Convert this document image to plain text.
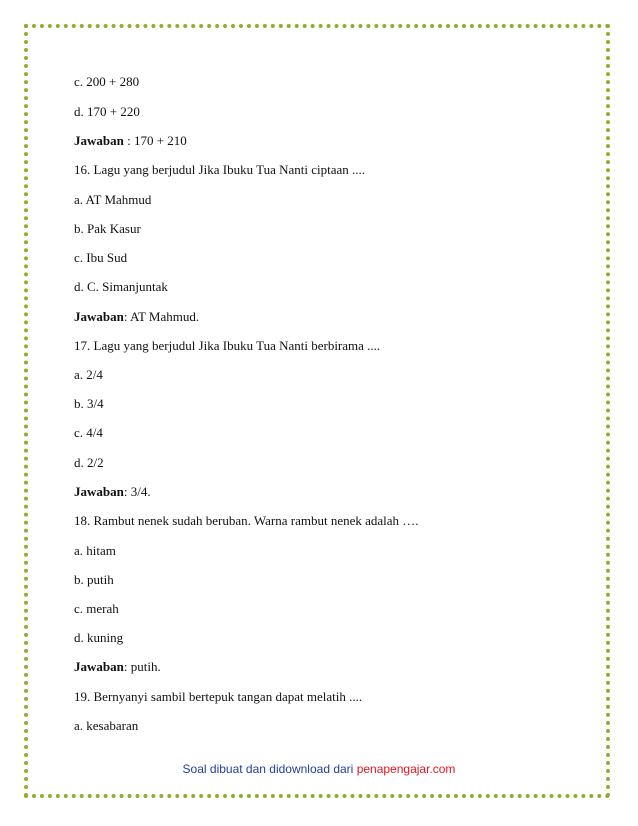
c. 200 + 280
d. 170 + 220
Jawaban : 170 + 210
16. Lagu yang berjudul Jika Ibuku Tua Nanti ciptaan ....
a. AT Mahmud
b. Pak Kasur
c. Ibu Sud
d. C. Simanjuntak
Jawaban: AT Mahmud.
17. Lagu yang berjudul Jika Ibuku Tua Nanti berbirama ....
a. 2/4
b. 3/4
c. 4/4
d. 2/2
Jawaban: 3/4.
18. Rambut nenek sudah beruban. Warna rambut nenek adalah ….
a. hitam
b. putih
c. merah
d. kuning
Jawaban: putih.
19. Bernyanyi sambil bertepuk tangan dapat melatih ....
a. kesabaran
Soal dibuat dan didownload dari penapengajar.com
